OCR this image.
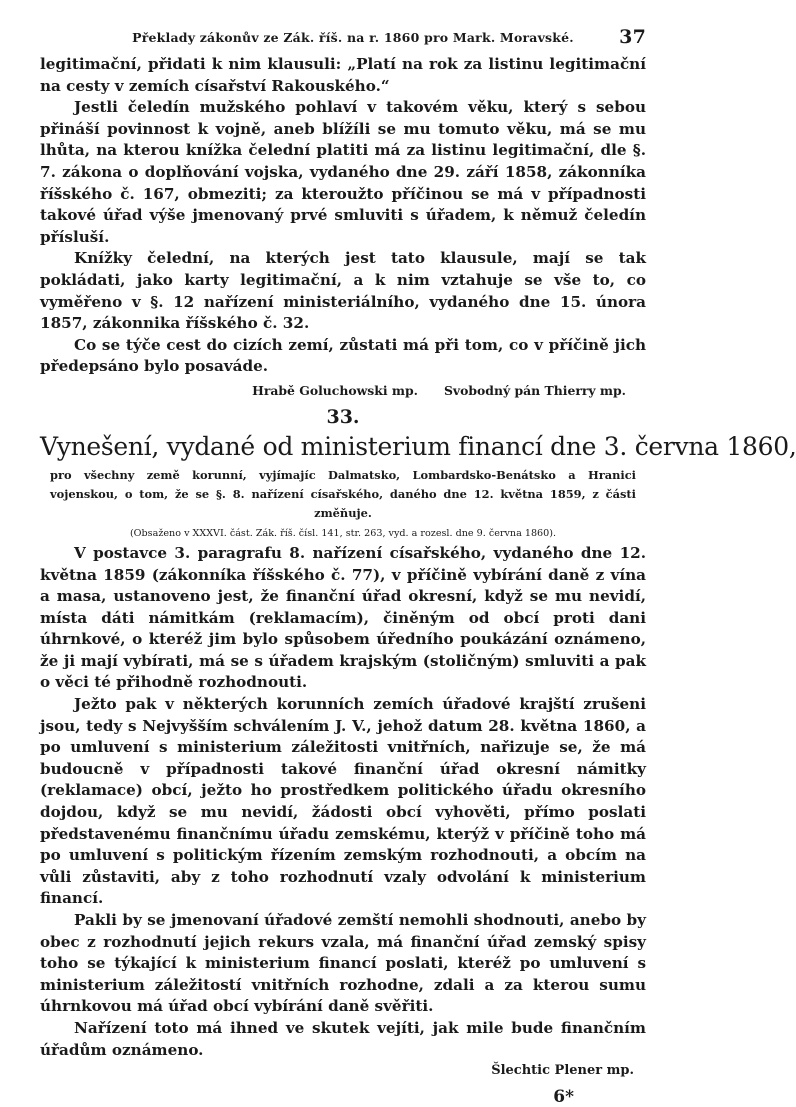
Překlady zákonův ze Zák. říš. na r. 1860 pro Mark. Moravské. 37

legitimační, přidati k nim klausuli: „Platí na rok za listinu legitimační na cesty v zemích císařství Rakouského.“

Jestli čeledín mužského pohlaví v takovém věku, který s sebou přináší povinnost k vojně, aneb blížíli se mu tomuto věku, má se mu lhůta, na kterou knížka čelední platiti má za listinu legitimační, dle §. 7. zákona o doplňování vojska, vydaného dne 29. září 1858, zákonníka říšského č. 167, obmeziti; za kteroužto příčinou se má v případnosti takové úřad výše jmenovaný prvé smluviti s úřadem, k němuž čeledín přísluší.

Knížky čelední, na kterých jest tato klausule, mají se tak pokládati, jako karty legitimační, a k nim vztahuje se vše to, co vyměřeno v §. 12 nařízení ministeriálního, vydaného dne 15. února 1857, zákonnika říšského č. 32.

Co se týče cest do cizích zemí, zůstati má při tom, co v příčině jich předepsáno bylo posaváde.

Hrabě Goluchowski mp. Svobodný pán Thierry mp.
33.
Vynešení, vydané od ministerium financí dne 3. června 1860,
pro všechny země korunní, vyjímajíc Dalmatsko, Lombardsko-Benátsko a Hranici vojenskou, o tom, že se §. 8. nařízení císařského, daného dne 12. května 1859, z části změňuje.
(Obsaženo v XXXVI. část. Zák. říš. čísl. 141, str. 263, vyd. a rozesl. dne 9. června 1860).

V postavce 3. paragrafu 8. nařízení císařského, vydaného dne 12. května 1859 (zákonníka říšského č. 77), v příčině vybírání daně z vína a masa, ustanoveno jest, že finanční úřad okresní, když se mu nevidí, místa dáti námitkám (reklamacím), činěným od obcí proti dani úhrnkové, o kteréž jim bylo spůsobem úředního poukázání oznámeno, že ji mají vybírati, má se s úřadem krajským (stoličným) smluviti a pak o věci té přihodně rozhodnouti.

Ježto pak v některých korunních zemích úřadové krajští zrušeni jsou, tedy s Nejvyšším schválením J. V., jehož datum 28. května 1860, a po umluvení s ministerium záležitosti vnitřních, nařizuje se, že má budoucně v případnosti takové finanční úřad okresní námitky (reklamace) obcí, ježto ho prostředkem politického úřadu okresního dojdou, když se mu nevidí, žádosti obcí vyhověti, přímo poslati představenému finančnímu úřadu zemskému, kterýž v příčině toho má po umluvení s politickým řízením zemským rozhodnouti, a obcím na vůli zůstaviti, aby z toho rozhodnutí vzaly odvolání k ministerium financí.

Pakli by se jmenovaní úřadové zemští nemohli shodnouti, anebo by obec z rozhodnutí jejich rekurs vzala, má finanční úřad zemský spisy toho se týkající k ministerium financí poslati, kteréž po umluvení s ministerium záležitostí vnitřních rozhodne, zdali a za kterou sumu úhrnkovou má úřad obcí vybírání daně svěřiti.

Nařízení toto má ihned ve skutek vejíti, jak mile bude finančním úřadům oznámeno.

Šlechtic Plener mp.
6*
